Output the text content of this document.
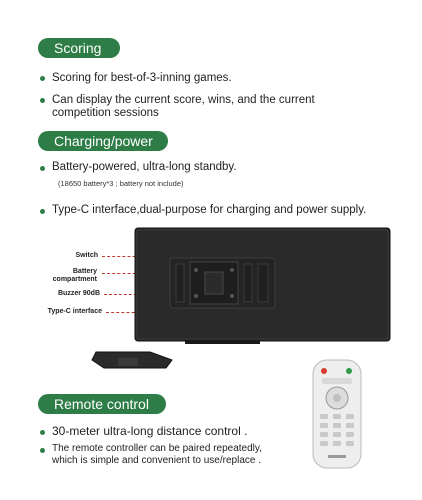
Scoring
Scoring for best-of-3-inning games.
Can display the current score, wins, and the current
competition sessions
Charging/power
Battery-powered, ultra-long standby.
(18650 battery*3 ; battery not include)
Type-C interface,dual-purpose for charging and power supply.
Switch
Battery
compartment
Buzzer 90dB
Type-C interface
Remote control
30-meter ultra-long distance control .
The remote controller can be paired repeatedly,
which is simple and convenient to use/replace .
